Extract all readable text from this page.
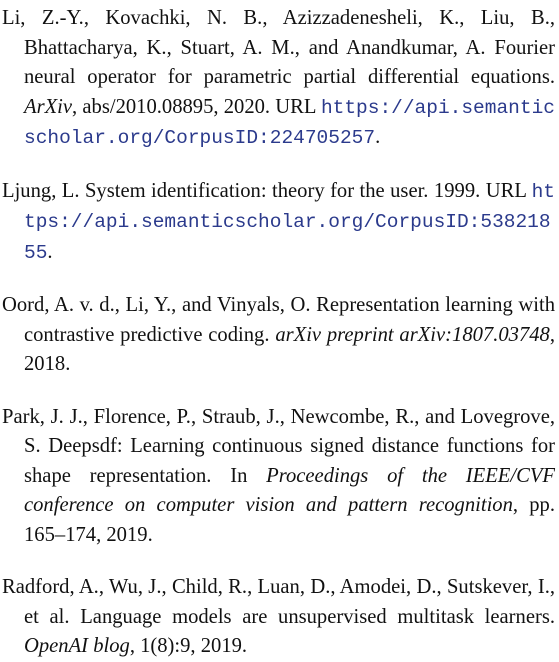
Li, Z.-Y., Kovachki, N. B., Azizzadenesheli, K., Liu, B., Bhattacharya, K., Stuart, A. M., and Anandkumar, A. Fourier neural operator for parametric partial differential equations. ArXiv, abs/2010.08895, 2020. URL https://api.semanticscholar.org/CorpusID:224705257.

Ljung, L. System identification: theory for the user. 1999. URL https://api.semanticscholar.org/CorpusID:53821855.

Oord, A. v. d., Li, Y., and Vinyals, O. Representation learning with contrastive predictive coding. arXiv preprint arXiv:1807.03748, 2018.

Park, J. J., Florence, P., Straub, J., Newcombe, R., and Lovegrove, S. Deepsdf: Learning continuous signed distance functions for shape representation. In Proceedings of the IEEE/CVF conference on computer vision and pattern recognition, pp. 165–174, 2019.

Radford, A., Wu, J., Child, R., Luan, D., Amodei, D., Sutskever, I., et al. Language models are unsupervised multitask learners. OpenAI blog, 1(8):9, 2019.
